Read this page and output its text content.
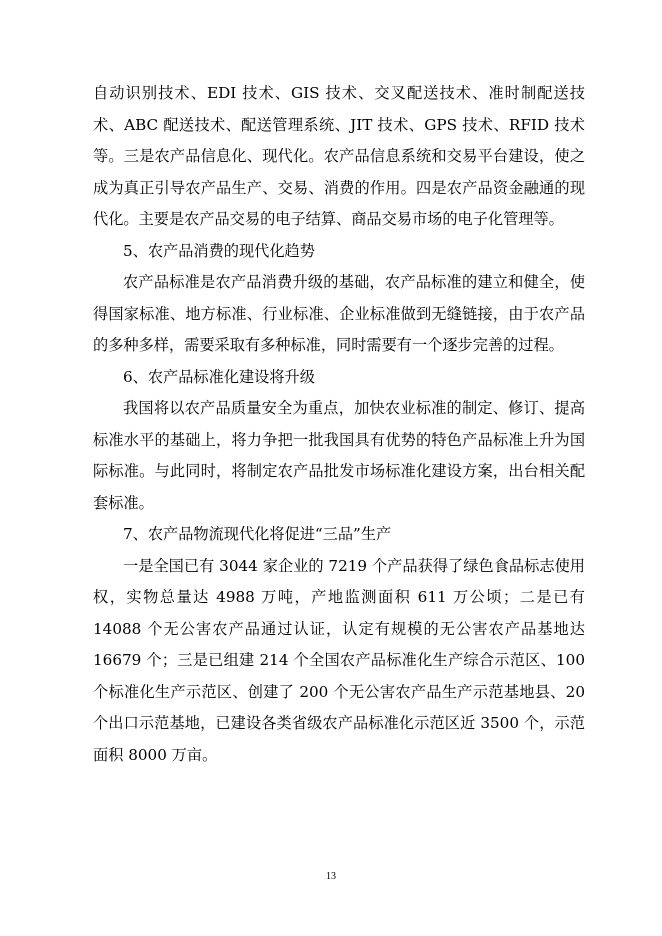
自动识别技术、EDI 技术、GIS 技术、交叉配送技术、准时制配送技术、ABC 配送技术、配送管理系统、JIT 技术、GPS 技术、RFID 技术等。三是农产品信息化、现代化。农产品信息系统和交易平台建设，使之成为真正引导农产品生产、交易、消费的作用。四是农产品资金融通的现代化。主要是农产品交易的电子结算、商品交易市场的电子化管理等。

5、农产品消费的现代化趋势

农产品标准是农产品消费升级的基础，农产品标准的建立和健全，使得国家标准、地方标准、行业标准、企业标准做到无缝链接，由于农产品的多种多样，需要采取有多种标准，同时需要有一个逐步完善的过程。

6、农产品标准化建设将升级

我国将以农产品质量安全为重点，加快农业标准的制定、修订、提高标准水平的基础上，将力争把一批我国具有优势的特色产品标准上升为国际标准。与此同时，将制定农产品批发市场标准化建设方案，出台相关配套标准。

7、农产品物流现代化将促进“三品”生产

一是全国已有 3044 家企业的 7219 个产品获得了绿色食品标志使用权，实物总量达 4988 万吨，产地监测面积 611 万公顷；二是已有 14088 个无公害农产品通过认证，认定有规模的无公害农产品基地达 16679 个；三是已组建 214 个全国农产品标准化生产综合示范区、100 个标准化生产示范区、创建了 200 个无公害农产品生产示范基地县、20 个出口示范基地，已建设各类省级农产品标准化示范区近 3500 个，示范面积 8000 万亩。

13
